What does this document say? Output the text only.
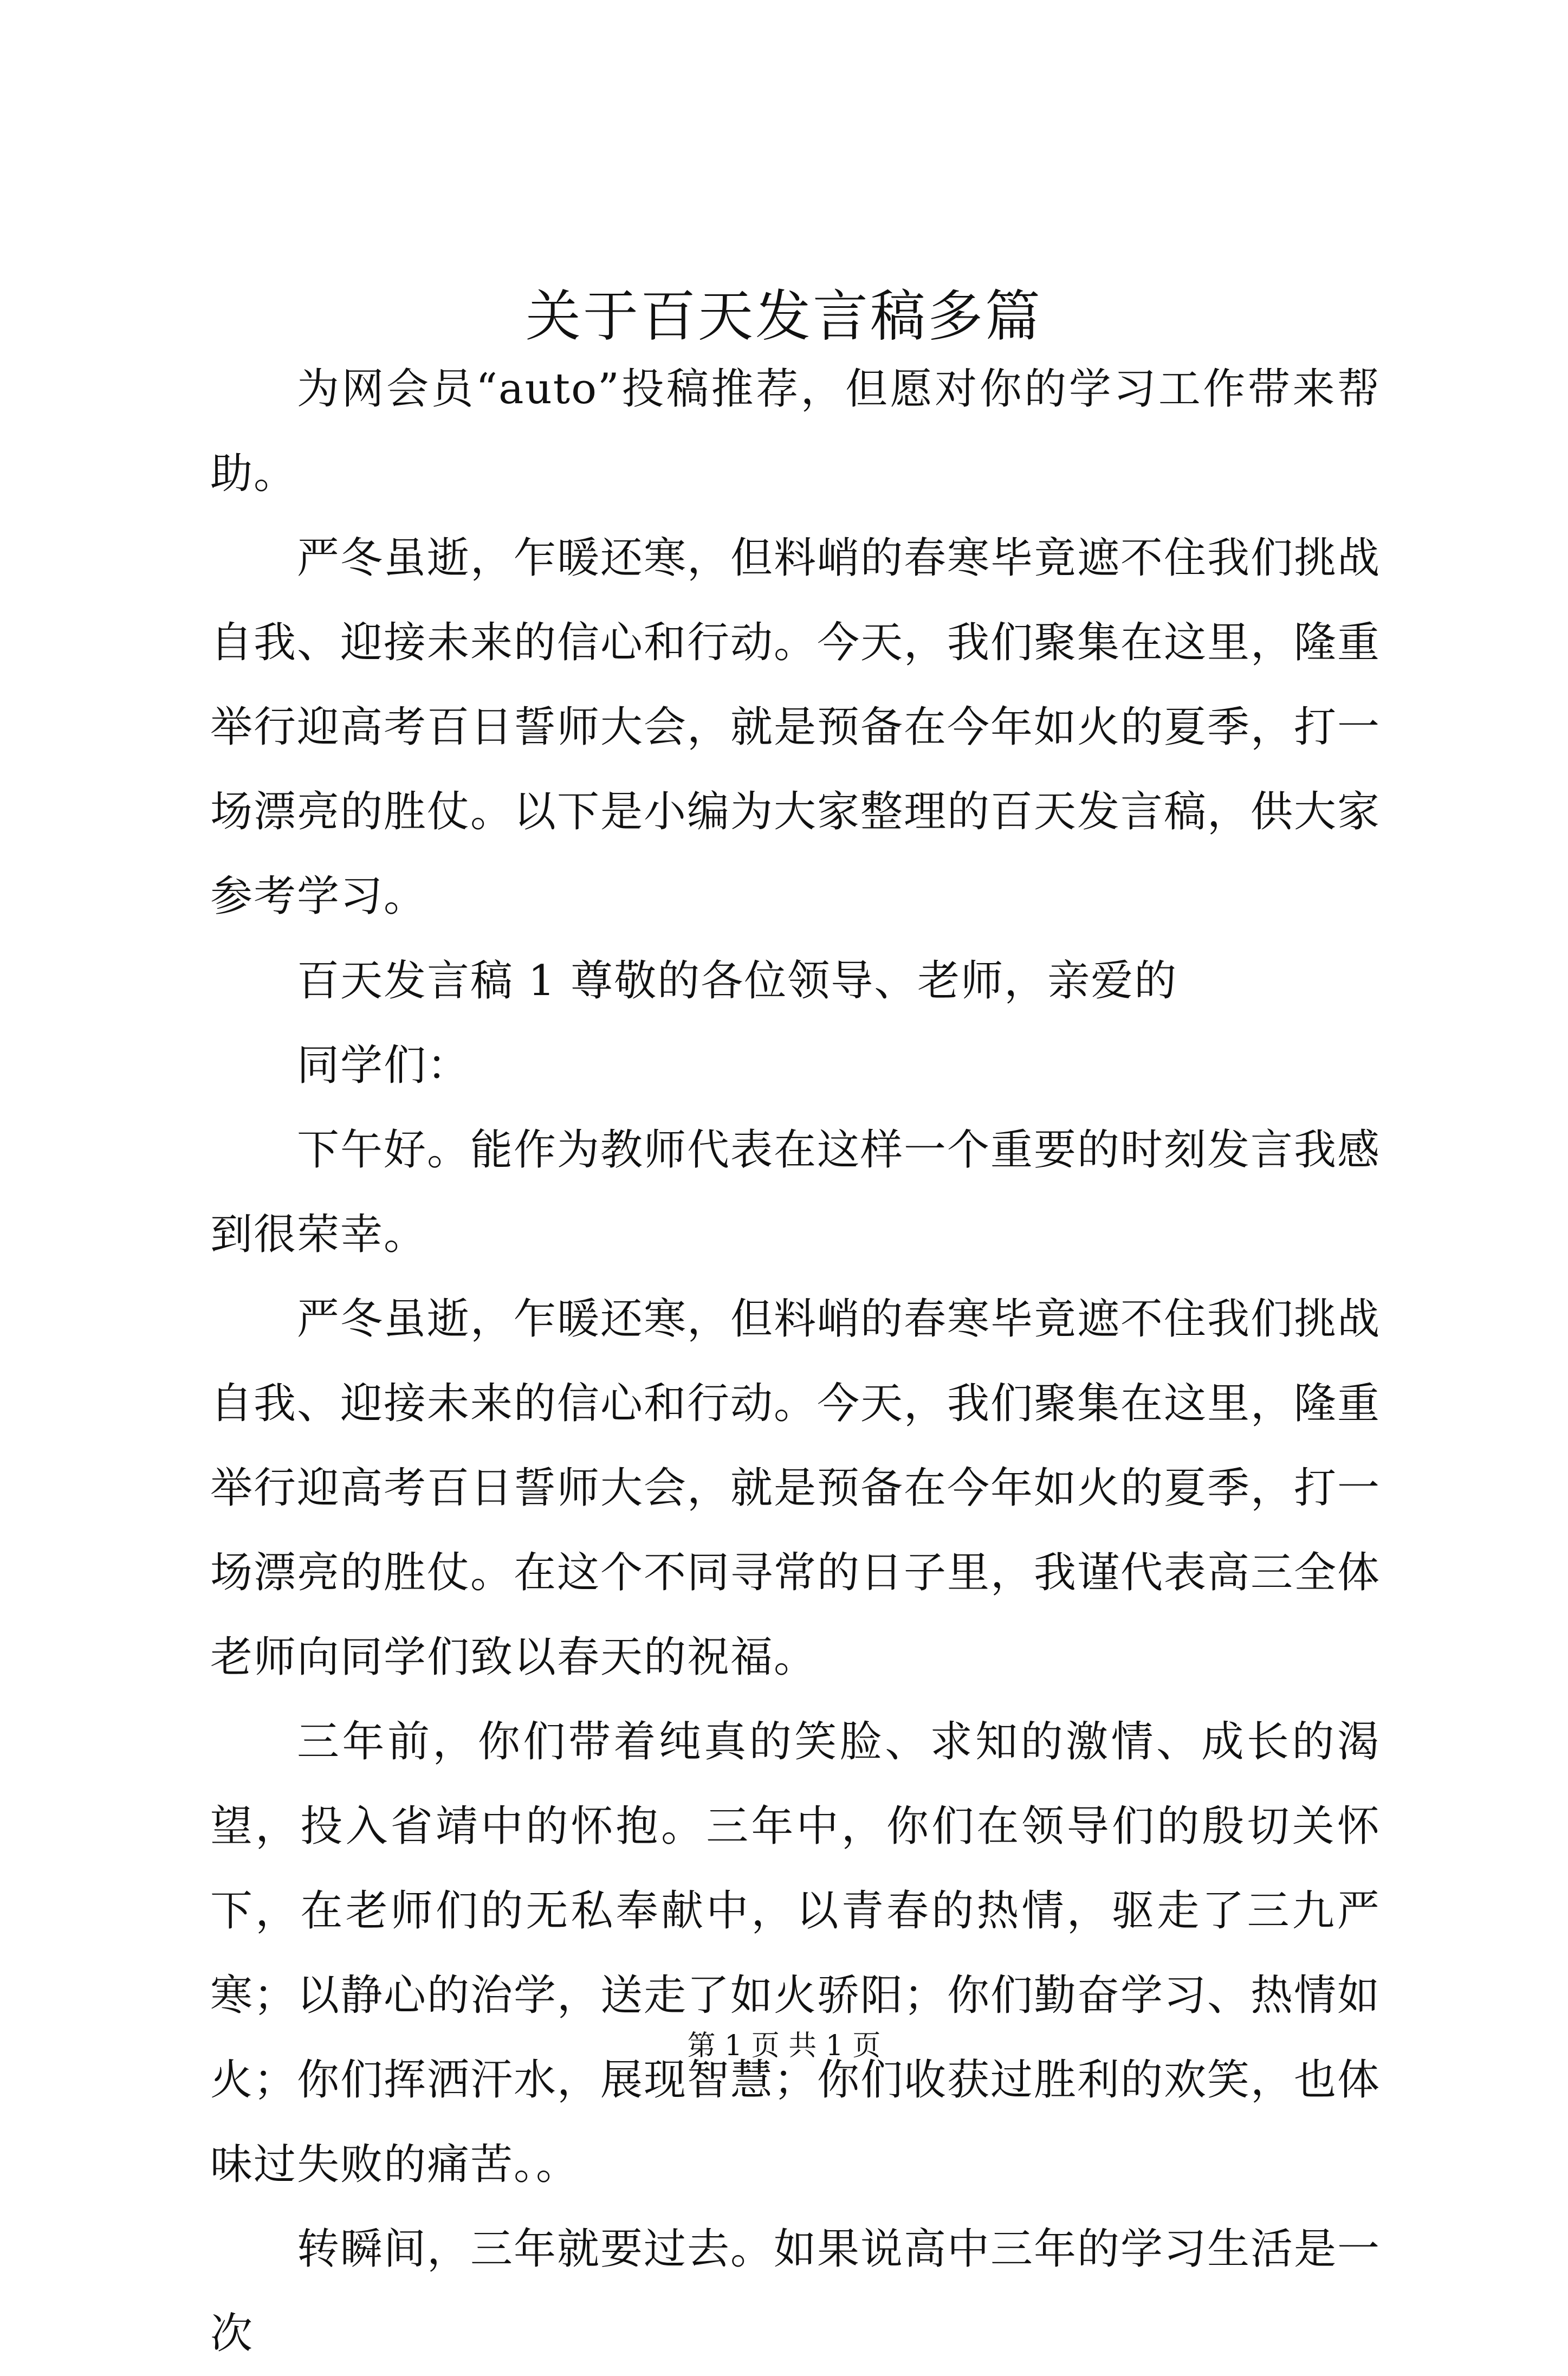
关于百天发言稿多篇

为网会员“auto”投稿推荐，但愿对你的学习工作带来帮助。

严冬虽逝，乍暖还寒，但料峭的春寒毕竟遮不住我们挑战自我、迎接未来的信心和行动。今天，我们聚集在这里，隆重举行迎高考百日誓师大会，就是预备在今年如火的夏季，打一场漂亮的胜仗。以下是小编为大家整理的百天发言稿，供大家参考学习。

百天发言稿 1 尊敬的各位领导、老师，亲爱的

同学们：

下午好。能作为教师代表在这样一个重要的时刻发言我感到很荣幸。

严冬虽逝，乍暖还寒，但料峭的春寒毕竟遮不住我们挑战自我、迎接未来的信心和行动。今天，我们聚集在这里，隆重举行迎高考百日誓师大会，就是预备在今年如火的夏季，打一场漂亮的胜仗。在这个不同寻常的日子里，我谨代表高三全体老师向同学们致以春天的祝福。

三年前，你们带着纯真的笑脸、求知的激情、成长的渴望，投入省靖中的怀抱。三年中，你们在领导们的殷切关怀下，在老师们的无私奉献中，以青春的热情，驱走了三九严寒；以静心的治学，送走了如火骄阳；你们勤奋学习、热情如火；你们挥洒汗水，展现智慧；你们收获过胜利的欢笑，也体味过失败的痛苦。。

转瞬间，三年就要过去。如果说高中三年的学习生活是一次

第 1 页 共 1 页
